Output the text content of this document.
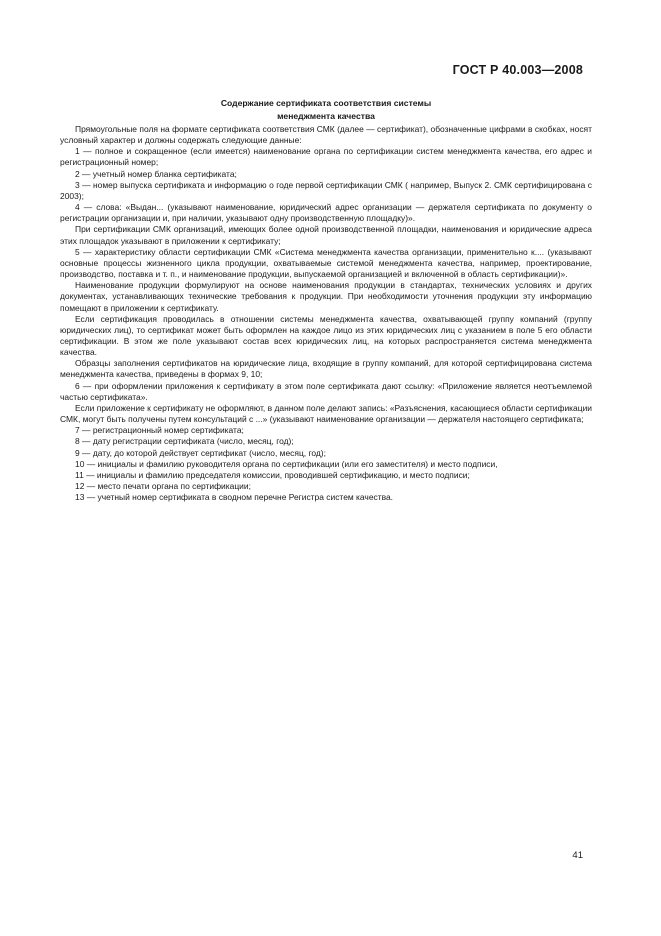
ГОСТ Р 40.003—2008
Содержание сертификата соответствия системы
менеджмента качества

Прямоугольные поля на формате сертификата соответствия СМК (далее — сертификат), обозначенные цифрами в скобках, носят условный характер и должны содержать следующие данные:

1 — полное и сокращенное (если имеется) наименование органа по сертификации систем менеджмента качества, его адрес и регистрационный номер;

2 — учетный номер бланка сертификата;

3 — номер выпуска сертификата и информацию о годе первой сертификации СМК ( например, Выпуск 2. СМК сертифицирована с 2003);

4 — слова: «Выдан... (указывают наименование, юридический адрес организации — держателя сертификата по документу о регистрации организации и, при наличии, указывают одну производственную площадку)».

При сертификации СМК организаций, имеющих более одной производственной площадки, наименования и юридические адреса этих площадок указывают в приложении к сертификату;

5 — характеристику области сертификации СМК «Система менеджмента качества организации, применительно к.... (указывают основные процессы жизненного цикла продукции, охватываемые системой менеджмента качества, например, проектирование, производство, поставка и т. п., и наименование продукции, выпускаемой организацией и включенной в область сертификации)».

Наименование продукции формулируют на основе наименования продукции в стандартах, технических условиях и других документах, устанавливающих технические требования к продукции. При необходимости уточнения продукции эту информацию помещают в приложении к сертификату.

Если сертификация проводилась в отношении системы менеджмента качества, охватывающей группу компаний (группу юридических лиц), то сертификат может быть оформлен на каждое лицо из этих юридических лиц с указанием в поле 5 его области сертификации. В этом же поле указывают состав всех юридических лиц, на которых распространяется система менеджмента качества.

Образцы заполнения сертификатов на юридические лица, входящие в группу компаний, для которой сертифицирована система менеджмента качества, приведены в формах 9, 10;

6 — при оформлении приложения к сертификату в этом поле сертификата дают ссылку: «Приложение является неотъемлемой частью сертификата».

Если приложение к сертификату не оформляют, в данном поле делают запись: «Разъяснения, касающиеся области сертификации СМК, могут быть получены путем консультаций с ...» (указывают наименование организации — держателя настоящего сертификата;

7 — регистрационный номер сертификата;

8 — дату регистрации сертификата (число, месяц, год);

9 — дату, до которой действует сертификат (число, месяц, год);

10 — инициалы и фамилию руководителя органа по сертификации (или его заместителя) и место подписи,

11 — инициалы и фамилию председателя комиссии, проводившей сертификацию, и место подписи;

12 — место печати органа по сертификации;

13 — учетный номер сертификата в сводном перечне Регистра систем качества.

41
